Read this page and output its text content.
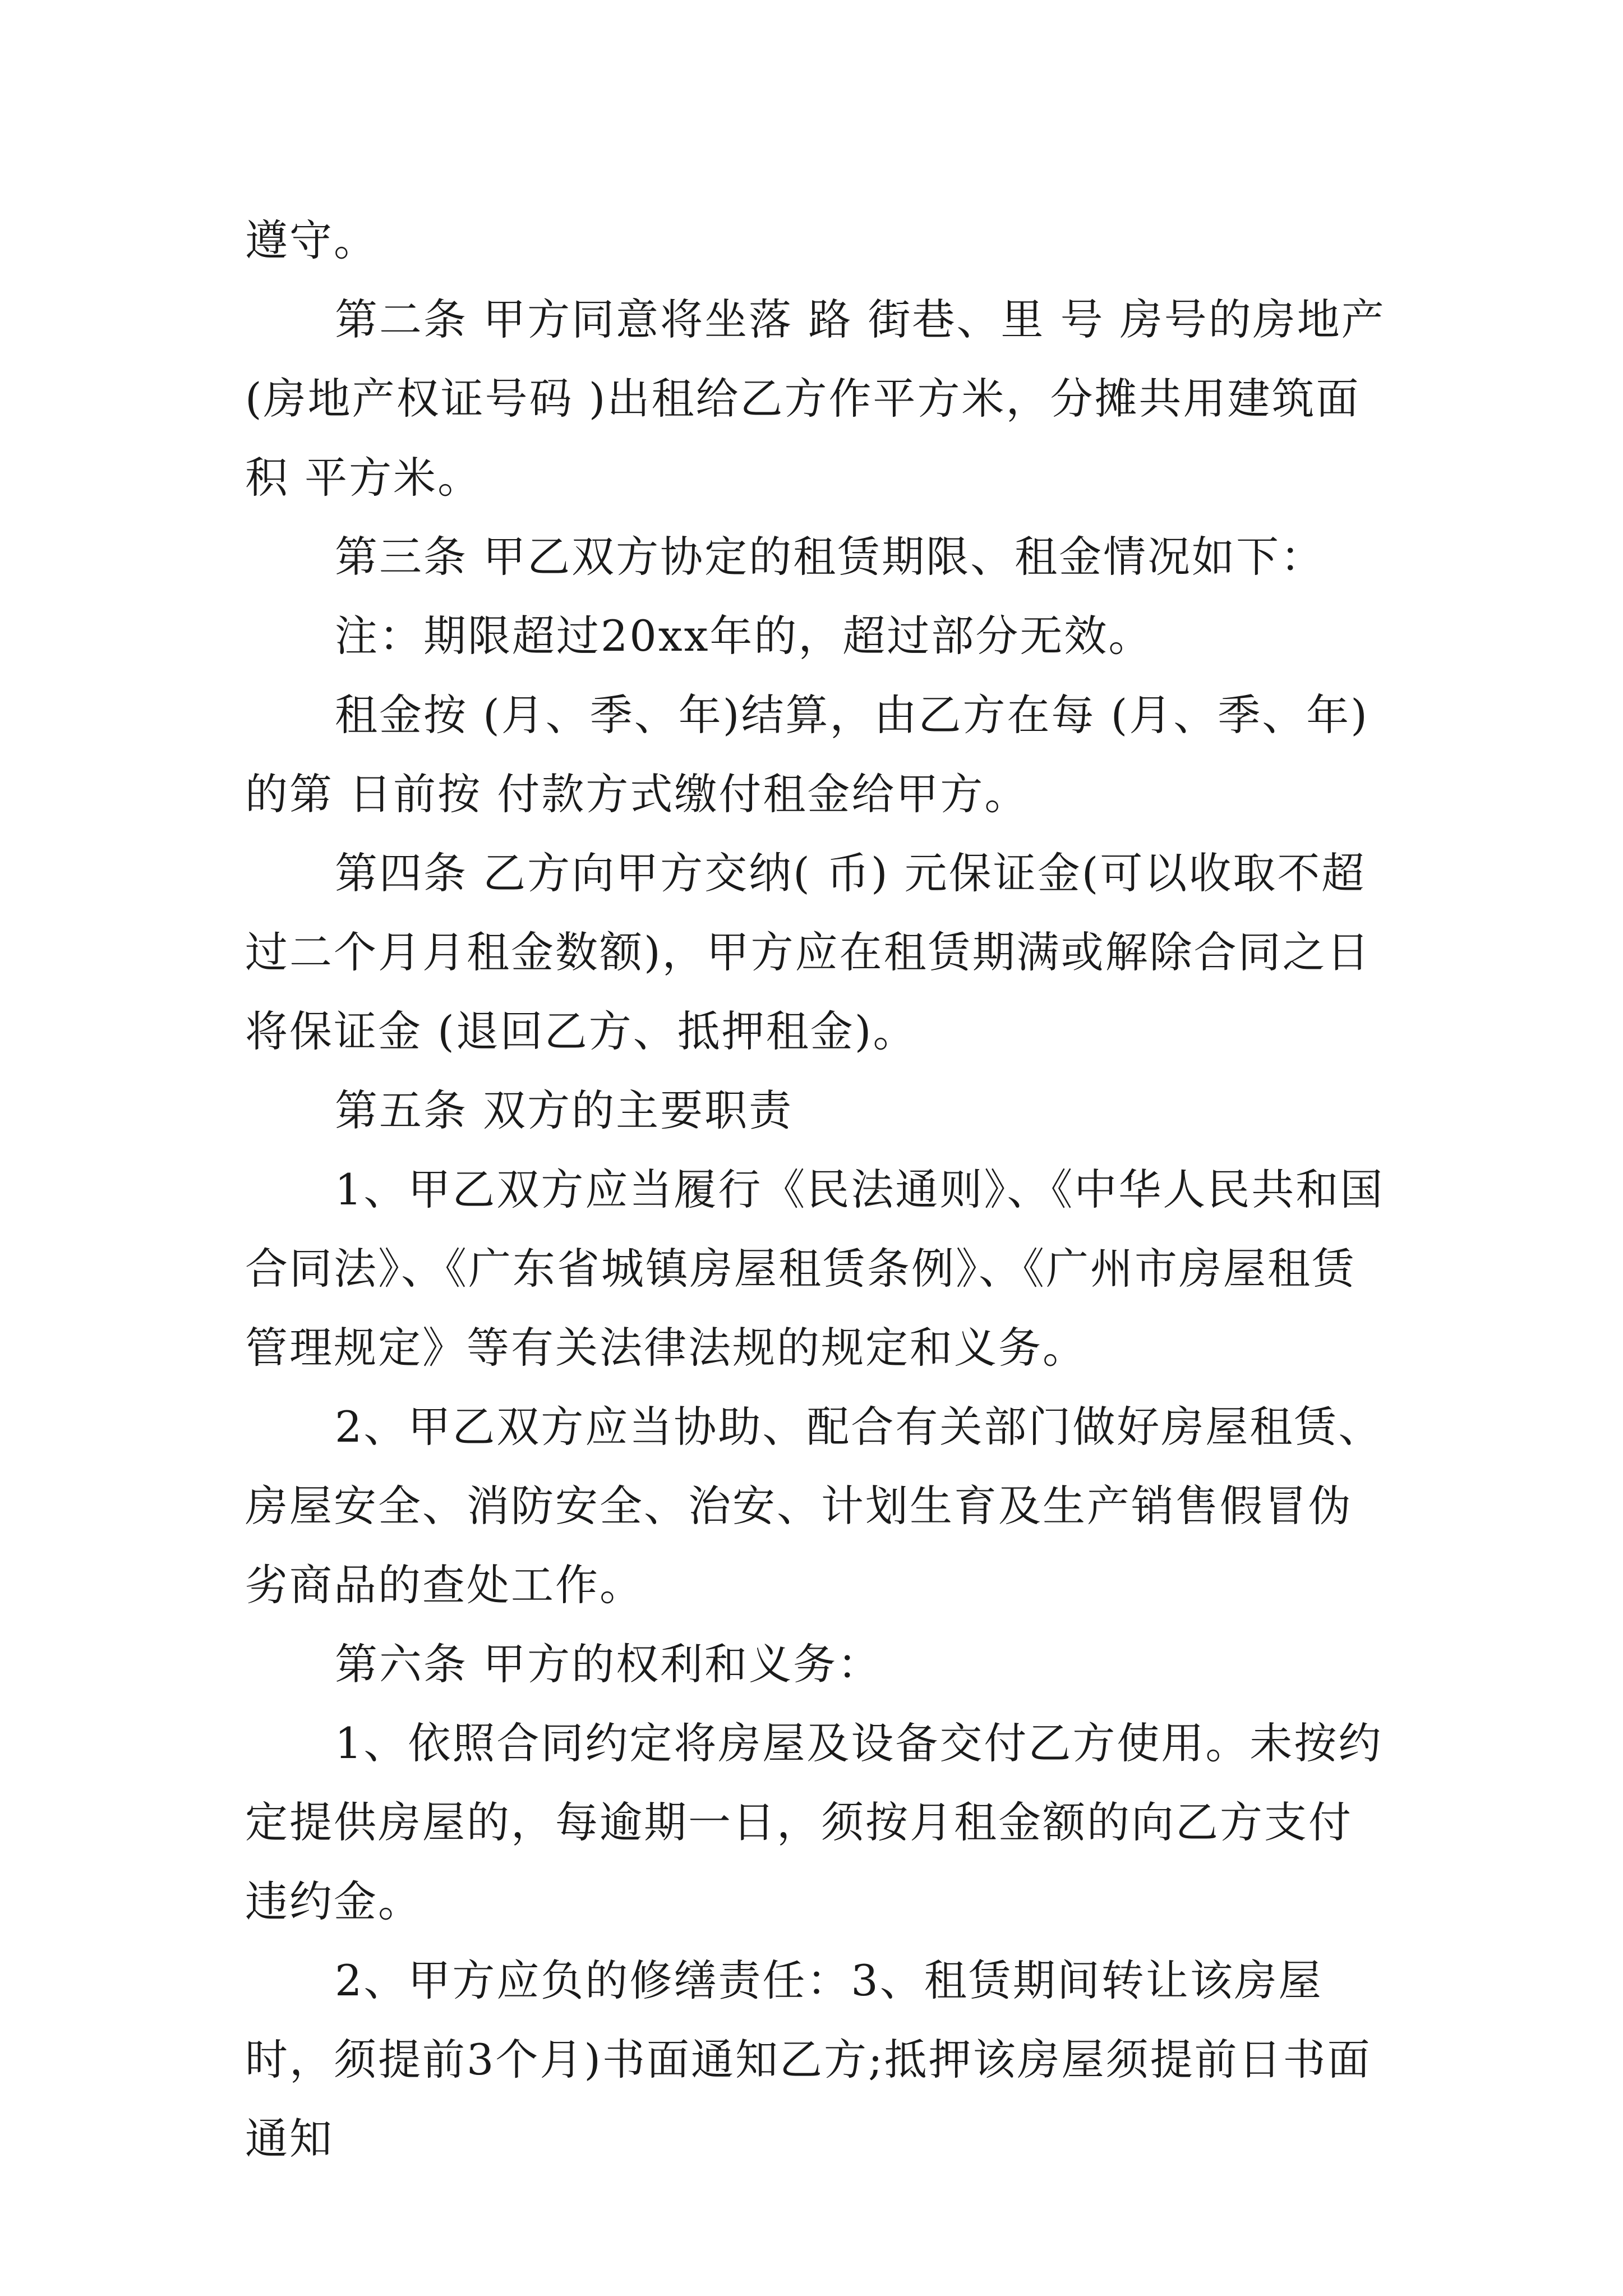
遵守。

第二条 甲方同意将坐落 路 街巷、里 号 房号的房地产(房地产权证号码 )出租给乙方作平方米，分摊共用建筑面积 平方米。

第三条 甲乙双方协定的租赁期限、租金情况如下：

注：期限超过20xx年的，超过部分无效。

租金按 (月、季、年)结算，由乙方在每 (月、季、年)的第 日前按 付款方式缴付租金给甲方。

第四条 乙方向甲方交纳( 币) 元保证金(可以收取不超过二个月月租金数额)，甲方应在租赁期满或解除合同之日将保证金 (退回乙方、抵押租金)。

第五条 双方的主要职责

1、甲乙双方应当履行《民法通则》、《中华人民共和国合同法》、《广东省城镇房屋租赁条例》、《广州市房屋租赁管理规定》等有关法律法规的规定和义务。

2、甲乙双方应当协助、配合有关部门做好房屋租赁、房屋安全、消防安全、治安、计划生育及生产销售假冒伪劣商品的查处工作。

第六条 甲方的权利和义务：

1、依照合同约定将房屋及设备交付乙方使用。未按约定提供房屋的，每逾期一日，须按月租金额的向乙方支付违约金。

2、甲方应负的修缮责任：3、租赁期间转让该房屋时，须提前3个月)书面通知乙方;抵押该房屋须提前日书面通知
